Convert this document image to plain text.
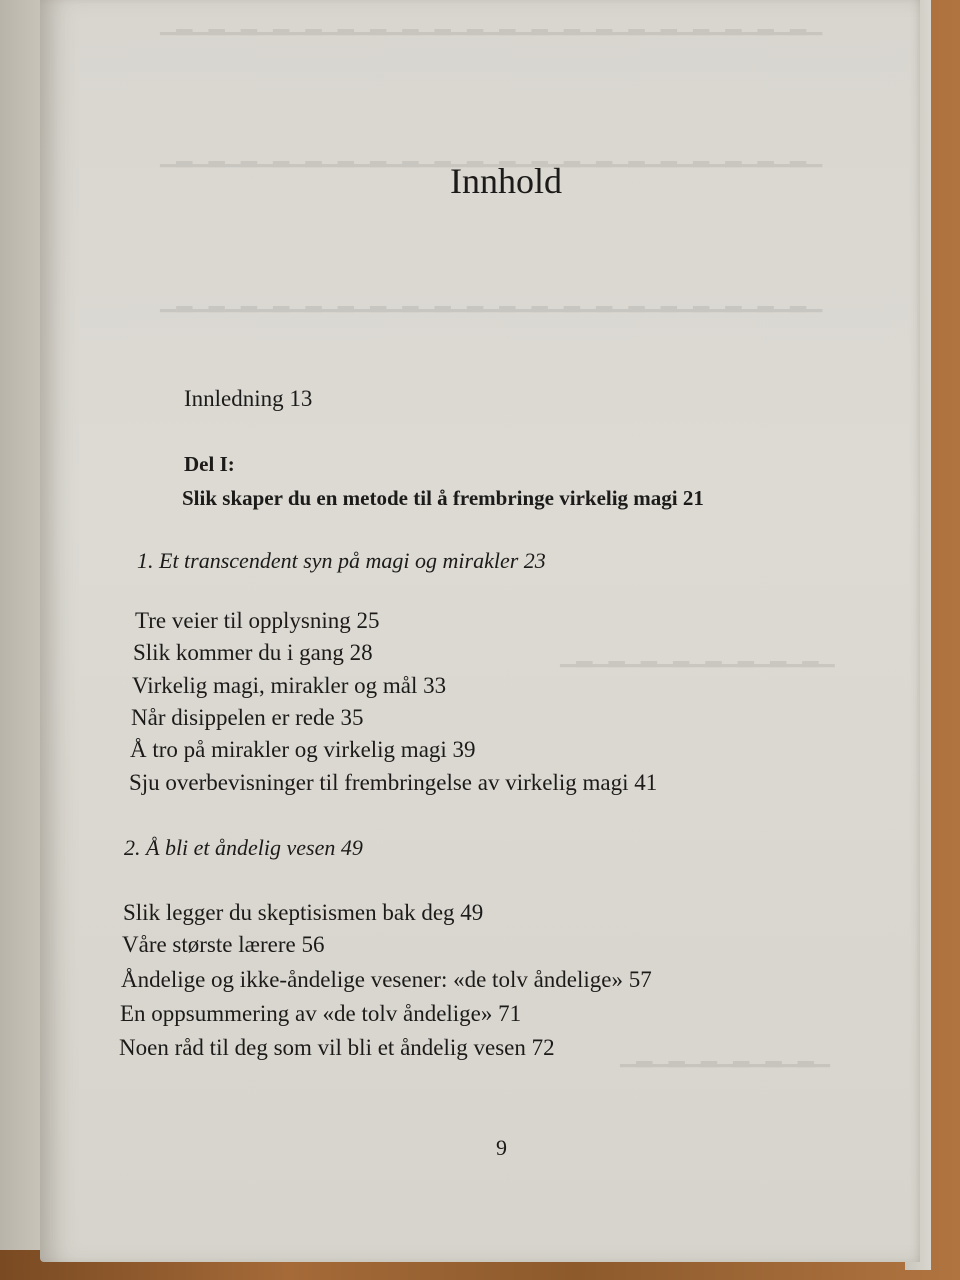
▁▂▁▂▁▂▁▂▁▂▁▂▁▂▁▂▁▂▁▂▁▂▁▂▁▂▁▂▁▂▁▂▁▂▁▂▁▂▁▂▁
▁▂▁▂▁▂▁▂▁▂▁▂▁▂▁▂▁▂▁▂▁▂▁▂▁▂▁▂▁▂▁▂▁▂▁▂▁▂▁▂▁
▁▂▁▂▁▂▁▂▁▂▁▂▁▂▁▂▁▂▁▂▁▂▁▂▁▂▁▂▁▂▁▂▁▂▁▂▁▂▁▂▁
▁▂▁▂▁▂▁▂▁▂▁▂▁▂▁▂▁
▁▂▁▂▁▂▁▂▁▂▁▂▁
Innhold
Innledning 13
Del I:
Slik skaper du en metode til å frembringe virkelig magi 21
1. Et transcendent syn på magi og mirakler 23
Tre veier til opplysning 25
Slik kommer du i gang 28
Virkelig magi, mirakler og mål 33
Når disippelen er rede 35
Å tro på mirakler og virkelig magi 39
Sju overbevisninger til frembringelse av virkelig magi 41
2. Å bli et åndelig vesen 49
Slik legger du skeptisismen bak deg 49
Våre største lærere 56
Åndelige og ikke-åndelige vesener: «de tolv åndelige» 57
En oppsummering av «de tolv åndelige» 71
Noen råd til deg som vil bli et åndelig vesen 72
9
